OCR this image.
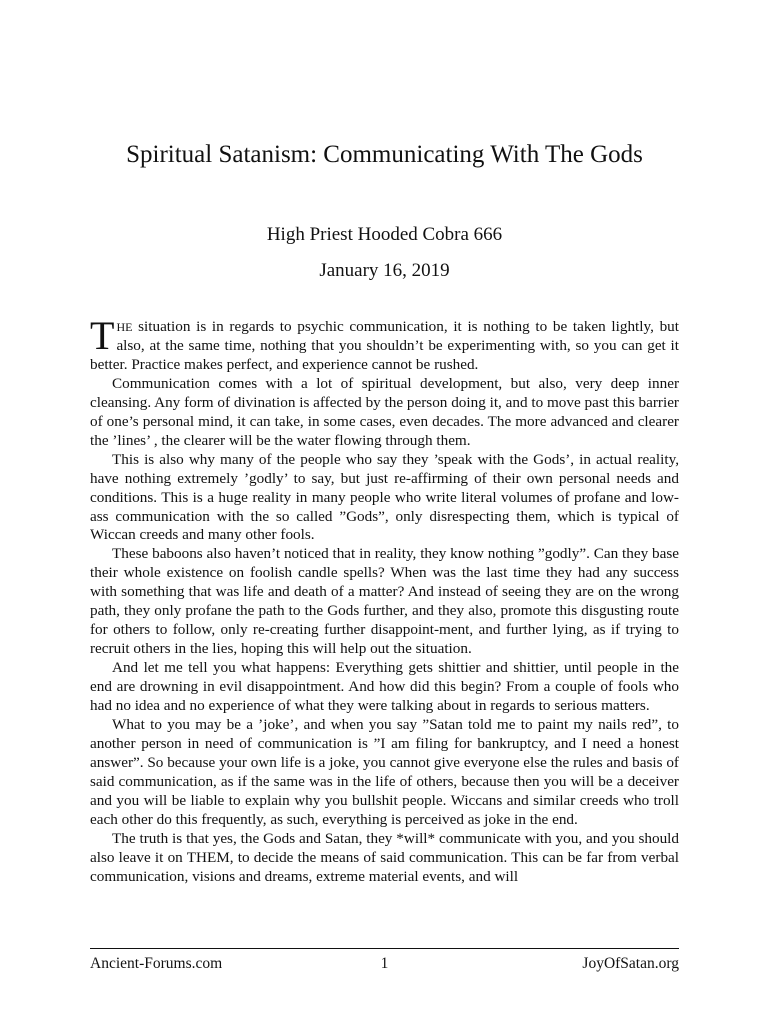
Spiritual Satanism: Communicating With The Gods
High Priest Hooded Cobra 666
January 16, 2019

THE situation is in regards to psychic communication, it is nothing to be taken lightly, but also, at the same time, nothing that you shouldn’t be experimenting with, so you can get it better. Practice makes perfect, and experience cannot be rushed.

Communication comes with a lot of spiritual development, but also, very deep inner cleansing. Any form of divination is affected by the person doing it, and to move past this barrier of one’s personal mind, it can take, in some cases, even decades. The more advanced and clearer the ’lines’ , the clearer will be the water flowing through them.

This is also why many of the people who say they ’speak with the Gods’, in actual reality, have nothing extremely ’godly’ to say, but just re-affirming of their own personal needs and conditions. This is a huge reality in many people who write literal volumes of profane and low-ass communication with the so called ”Gods”, only disrespecting them, which is typical of Wiccan creeds and many other fools.

These baboons also haven’t noticed that in reality, they know nothing ”godly”. Can they base their whole existence on foolish candle spells? When was the last time they had any success with something that was life and death of a matter? And instead of seeing they are on the wrong path, they only profane the path to the Gods further, and they also, promote this disgusting route for others to follow, only re-creating further disappoint-ment, and further lying, as if trying to recruit others in the lies, hoping this will help out the situation.

And let me tell you what happens: Everything gets shittier and shittier, until people in the end are drowning in evil disappointment. And how did this begin? From a couple of fools who had no idea and no experience of what they were talking about in regards to serious matters.

What to you may be a ’joke’, and when you say ”Satan told me to paint my nails red”, to another person in need of communication is ”I am filing for bankruptcy, and I need a honest answer”. So because your own life is a joke, you cannot give everyone else the rules and basis of said communication, as if the same was in the life of others, because then you will be a deceiver and you will be liable to explain why you bullshit people. Wiccans and similar creeds who troll each other do this frequently, as such, everything is perceived as joke in the end.

The truth is that yes, the Gods and Satan, they *will* communicate with you, and you should also leave it on THEM, to decide the means of said communication. This can be far from verbal communication, visions and dreams, extreme material events, and will

Ancient-Forums.com	1	JoyOfSatan.org
